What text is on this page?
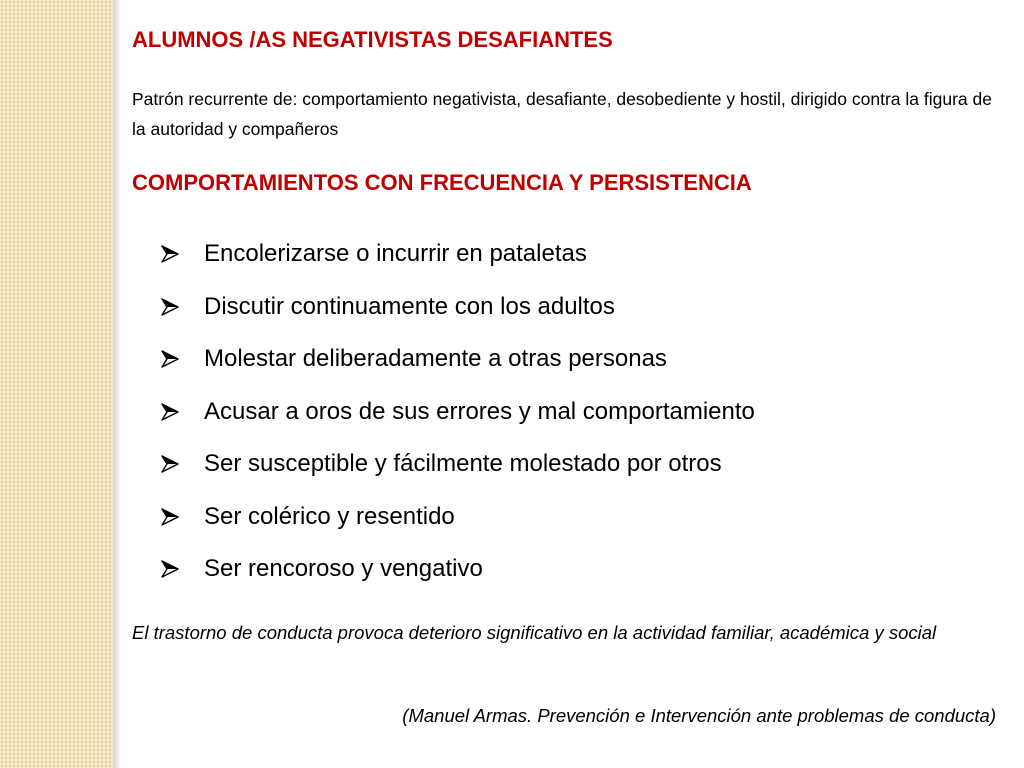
ALUMNOS /AS NEGATIVISTAS DESAFIANTES

Patrón recurrente de: comportamiento negativista, desafiante, desobediente y hostil, dirigido contra la figura de la autoridad y compañeros

COMPORTAMIENTOS CON FRECUENCIA Y PERSISTENCIA
Encolerizarse o incurrir en pataletas
Discutir continuamente con los adultos
Molestar deliberadamente a otras personas
Acusar a oros de sus errores y mal comportamiento
Ser susceptible y fácilmente molestado por otros
Ser colérico y resentido
Ser rencoroso y vengativo

El trastorno de conducta provoca deterioro significativo en la actividad familiar, académica y social

(Manuel Armas. Prevención e Intervención ante problemas de conducta)
